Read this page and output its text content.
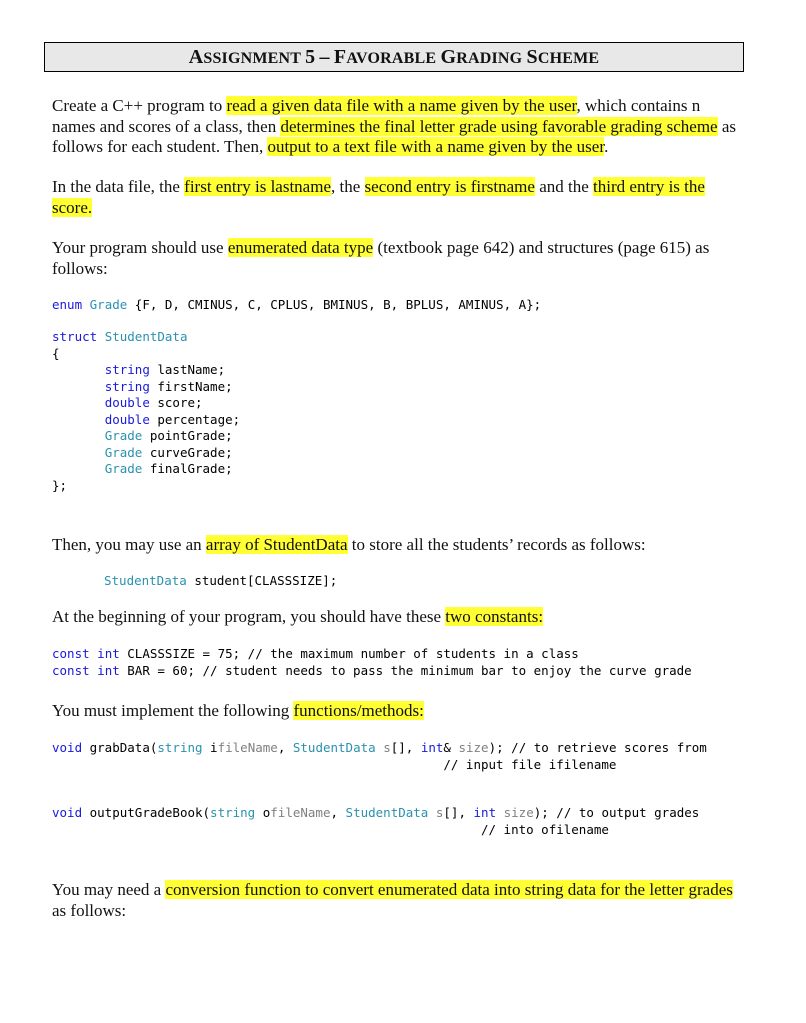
ASSIGNMENT 5 – FAVORABLE GRADING SCHEME
Create a C++ program to read a given data file with a name given by the user, which contains n names and scores of a class, then determines the final letter grade using favorable grading scheme as follows for each student. Then, output to a text file with a name given by the user.
In the data file, the first entry is lastname, the second entry is firstname and the third entry is the score.
Your program should use enumerated data type (textbook page 642) and structures (page 615) as follows:
enum Grade {F, D, CMINUS, C, CPLUS, BMINUS, B, BPLUS, AMINUS, A};
struct StudentData
{
string lastName;
string firstName;
double score;
double percentage;
Grade pointGrade;
Grade curveGrade;
Grade finalGrade;
};
Then, you may use an array of StudentData to store all the students’ records as follows:
StudentData student[CLASSSIZE];
At the beginning of your program, you should have these two constants:
const int CLASSSIZE = 75; // the maximum number of students in a class
const int BAR = 60; // student needs to pass the minimum bar to enjoy the curve grade
You must implement the following functions/methods:
void grabData(string ifileName, StudentData s[], int& size); // to retrieve scores from
// input file ifilename
void outputGradeBook(string ofileName, StudentData s[], int size); // to output grades
// into ofilename
You may need a conversion function to convert enumerated data into string data for the letter grades as follows:
